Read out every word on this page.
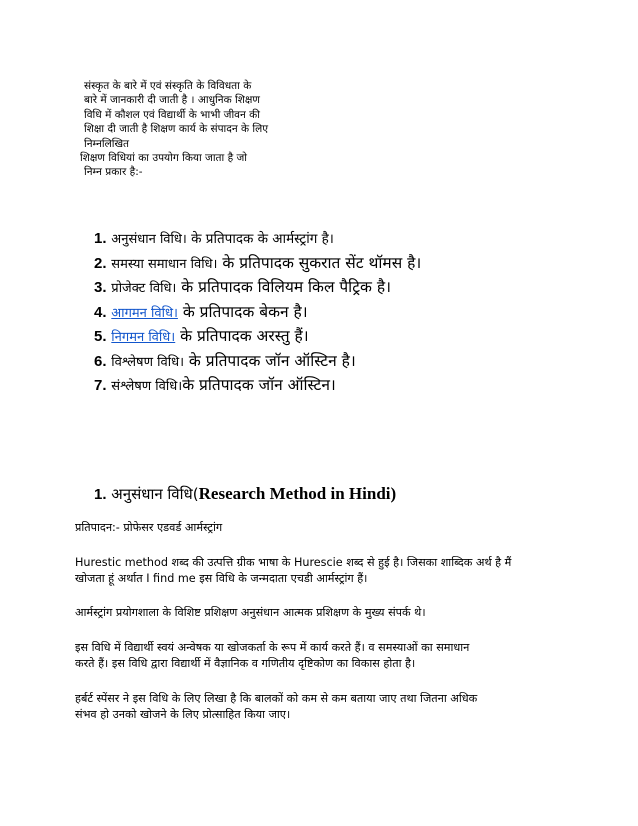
संस्कृत के बारे में एवं संस्कृति के विविधता के
बारे में जानकारी दी जाती है । आधुनिक शिक्षण
विधि में कौशल एवं विद्यार्थी के भाभी जीवन की
शिक्षा दी जाती है शिक्षण कार्य के संपादन के लिए
निम्नलिखित
शिक्षण विधियां का उपयोग किया जाता है जो
निम्न प्रकार है:-
1. अनुसंधान विधि। के प्रतिपादक के आर्मस्ट्रांग है।
2. समस्या समाधान विधि। के प्रतिपादक सुकरात सेंट थॉमस है।
3. प्रोजेक्ट विधि। के प्रतिपादक विलियम किल पैट्रिक है।
4. आगमन विधि। के प्रतिपादक बेकन है।
5. निगमन विधि। के प्रतिपादक अरस्तु हैं।
6. विश्लेषण विधि। के प्रतिपादक जॉन ऑस्टिन है।
7. संश्लेषण विधि।के प्रतिपादक जॉन ऑस्टिन।
1. अनुसंधान विधि(Research Method in Hindi)

प्रतिपादन:- प्रोफेसर एडवर्ड आर्मस्ट्रांग

Hurestic method शब्द की उत्पत्ति ग्रीक भाषा के Hurescie शब्द से हुई है। जिसका शाब्दिक अर्थ है मैं
खोजता हूं अर्थात I find me इस विधि के जन्मदाता एचडी आर्मस्ट्रांग हैं।

आर्मस्ट्रांग प्रयोगशाला के विशिष्ट प्रशिक्षण अनुसंधान आत्मक प्रशिक्षण के मुख्य संपर्क थे।

इस विधि में विद्यार्थी स्वयं अन्वेषक या खोजकर्ता के रूप में कार्य करते हैं। व समस्याओं का समाधान
करते हैं। इस विधि द्वारा विद्यार्थी में वैज्ञानिक व गणितीय दृष्टिकोण का विकास होता है।

हर्बर्ट स्पेंसर ने इस विधि के लिए लिखा है कि बालकों को कम से कम बताया जाए तथा जितना अधिक
संभव हो उनको खोजने के लिए प्रोत्साहित किया जाए।
